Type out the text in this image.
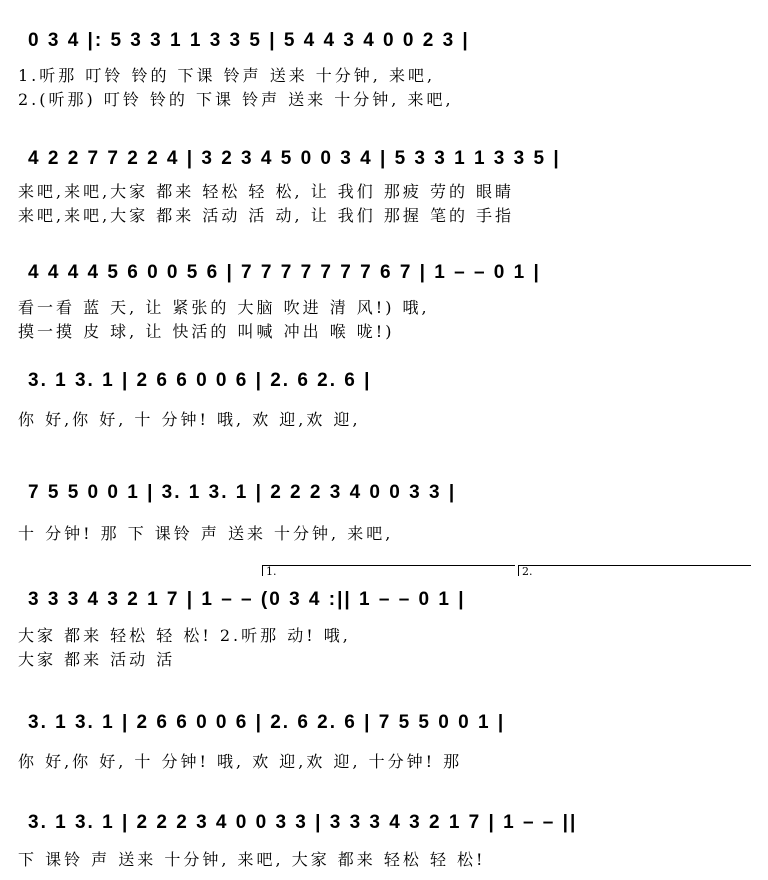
0 3 4 |: 5 3 3 1 1 3 3 5 | 5 4 4 3 4 0 0 2 3 |
1.听那 叮铃 铃的 下课 铃声 送来 十分钟, 来吧,
2.(听那) 叮铃 铃的 下课 铃声 送来 十分钟, 来吧,
4 2 2 7 7 2 2 4 | 3 2 3 4 5 0 0 3 4 | 5 3 3 1 1 3 3 5 |
来吧,来吧,大家 都来 轻松 轻 松, 让 我们 那疲 劳的 眼睛
来吧,来吧,大家 都来 活动 活 动, 让 我们 那握 笔的 手指
4 4 4 4 5 6 0 0 5 6 | 7 7 7 7 7 7 7 6 7 | 1 – – 0 1 |
看一看 蓝 天, 让 紧张的 大脑 吹进 清 风!) 哦,
摸一摸 皮 球, 让 快活的 叫喊 冲出 喉 咙!)
3. 1 3. 1 | 2 6 6 0 0 6 | 2. 6 2. 6 |
你 好,你 好, 十 分钟! 哦, 欢 迎,欢 迎,
7 5 5 0 0 1 | 3. 1 3. 1 | 2 2 2 3 4 0 0 3 3 |
十 分钟! 那 下 课铃 声 送来 十分钟, 来吧,
1.	2.
3 3 3 4 3 2 1 7 | 1 – – (0 3 4 :|| 1 – – 0 1 |
大家 都来 轻松 轻 松! 2.听那 动! 哦,
大家 都来 活动 活
3. 1 3. 1 | 2 6 6 0 0 6 | 2. 6 2. 6 | 7 5 5 0 0 1 |
你 好,你 好, 十 分钟! 哦, 欢 迎,欢 迎, 十分钟! 那
3. 1 3. 1 | 2 2 2 3 4 0 0 3 3 | 3 3 3 4 3 2 1 7 | 1 – – ||
下 课铃 声 送来 十分钟, 来吧, 大家 都来 轻松 轻 松!
